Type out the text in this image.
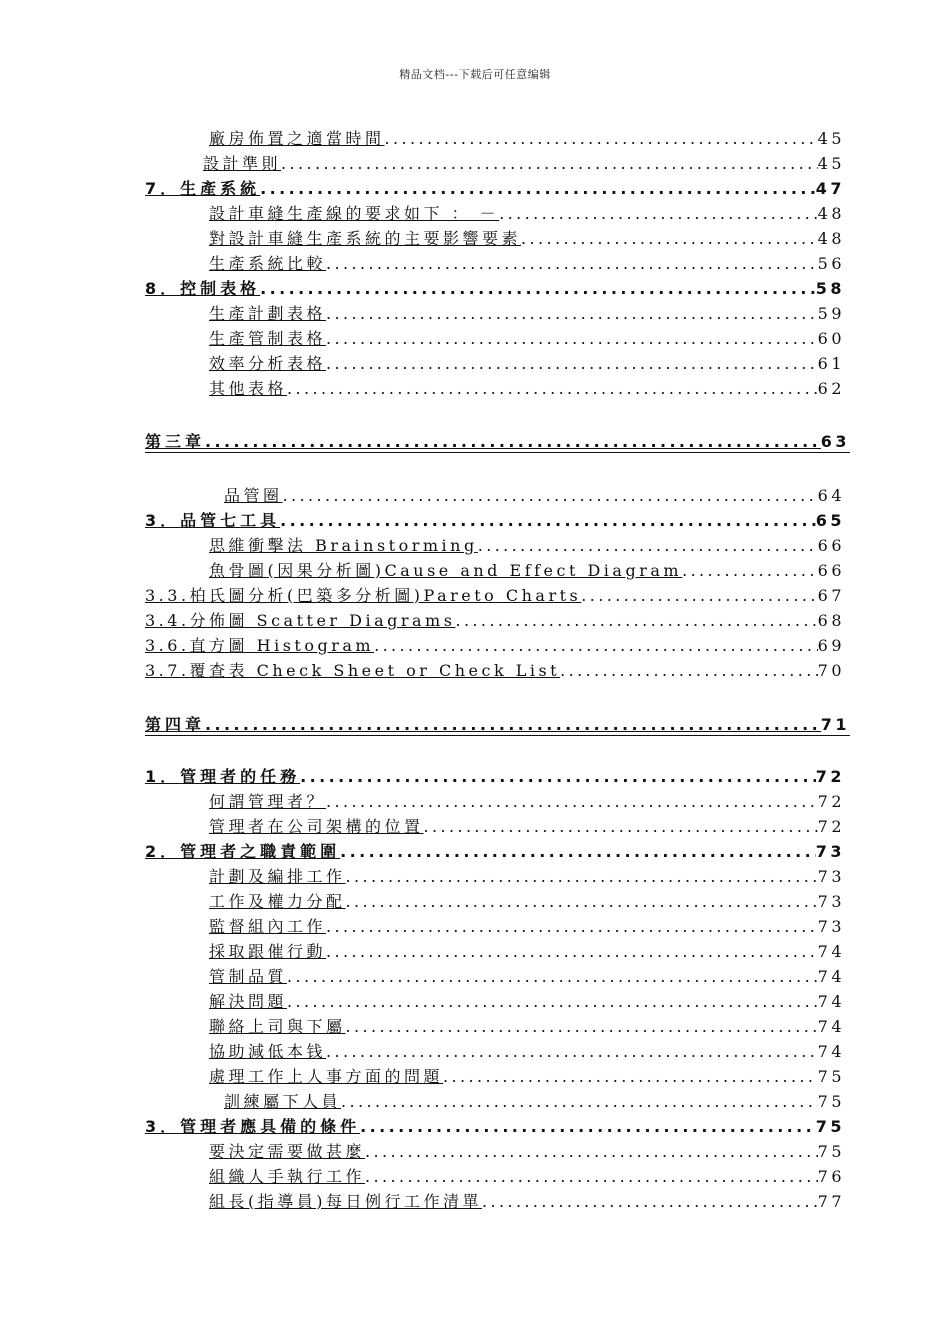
精品文档---下载后可任意编辑
廠房佈置之適當時間 .....	45
設計準則 .....	45
7． 生產系統 .....	47
設計車縫生產線的要求如下 ： － .....	48
對設計車縫生產系統的主要影響要素 .....	48
生產系統比較 .....	56
8． 控制表格 .....	58
生產計劃表格 .....	59
生產管制表格 .....	60
效率分析表格 .....	61
其他表格 .....	62
第三章 .....	63
品管圈 .....	64
3． 品管七工具 .....	65
思維衝擊法 Brainstorming .....	66
魚骨圖(因果分析圖)Cause and Effect Diagram .....	66
3.3. 柏氏圖分析(巴築多分析圖)Pareto Charts .....	67
3.4. 分佈圖 Scatter Diagrams .....	68
3.6. 直方圖 Histogram .....	69
3.7. 覆查表 Check Sheet or Check List .....	70
第四章 .....	71
1． 管理者的任務 .....	72
何謂管理者？ .....	72
管理者在公司架構的位置 .....	72
2． 管理者之職責範圍 .....	73
計劃及編排工作 .....	73
工作及權力分配 .....	73
監督組內工作 .....	73
採取跟催行動 .....	74
管制品質 .....	74
解決問題 .....	74
聯絡上司與下屬 .....	74
協助減低本钱 .....	74
處理工作上人事方面的問題 .....	75
訓練屬下人員 .....	75
3． 管理者應具備的條件 .....	75
要決定需要做甚麼 .....	75
組織人手執行工作 .....	76
組長(指導員)每日例行工作清單 .....	77
